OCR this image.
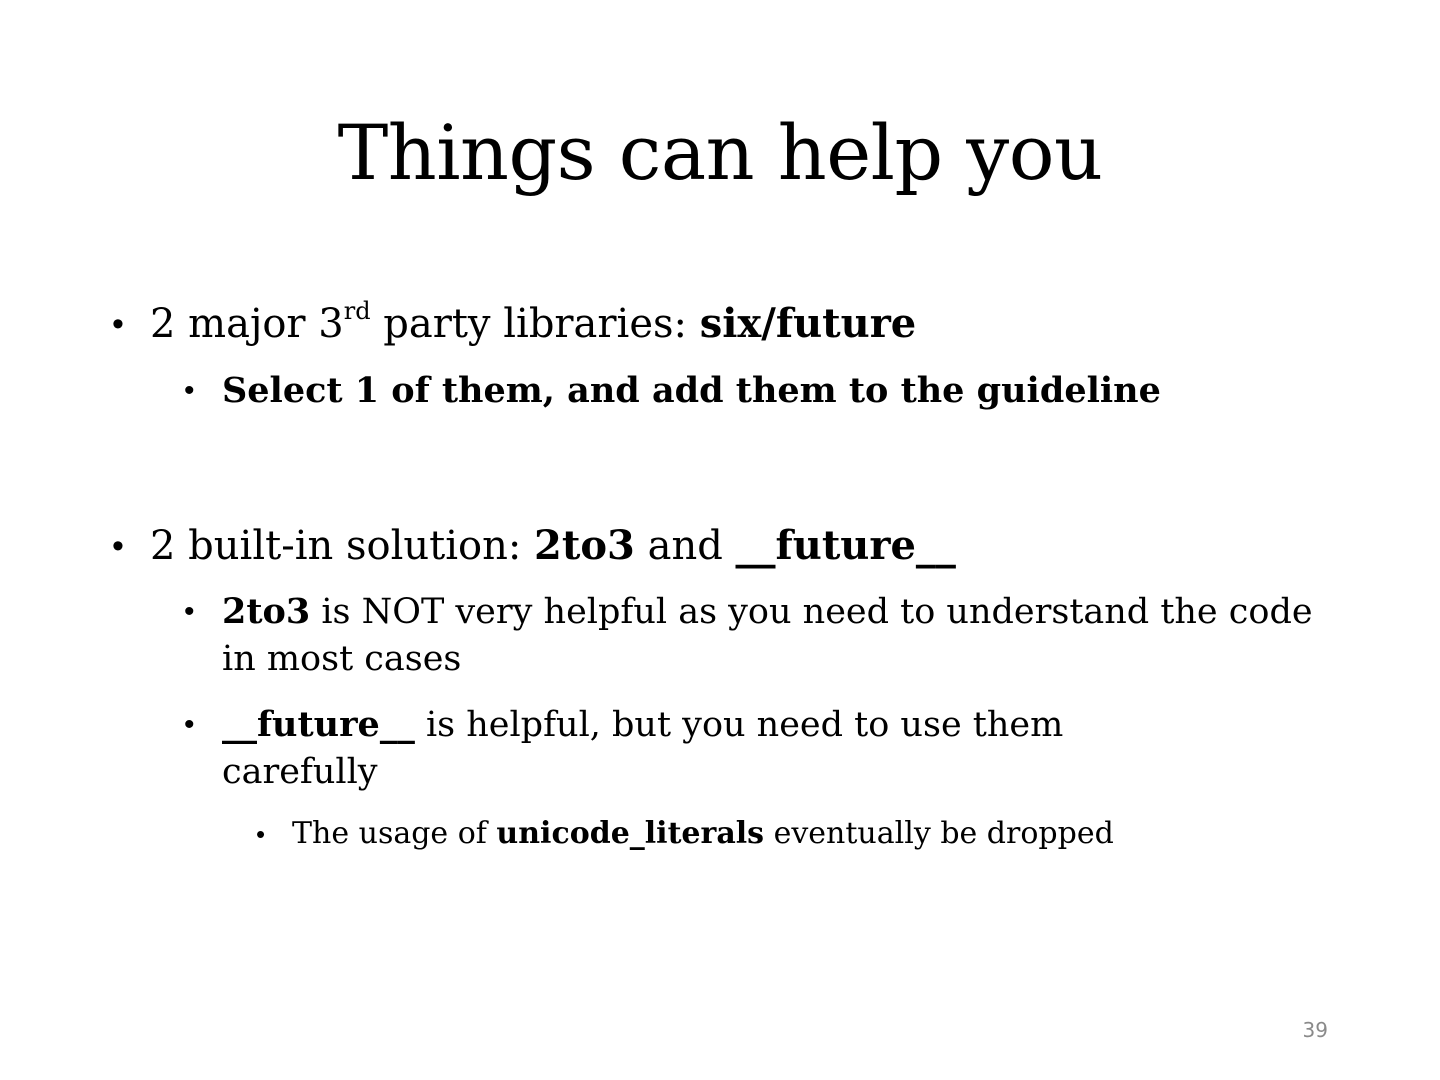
Things can help you
• 2 major 3rd party libraries: six/future
• Select 1 of them, and add them to the guideline
• 2 built-in solution: 2to3 and __future__
• 2to3 is NOT very helpful as you need to understand the code in most cases
• __future__ is helpful, but you need to use them carefully
• The usage of unicode_literals eventually be dropped
39
